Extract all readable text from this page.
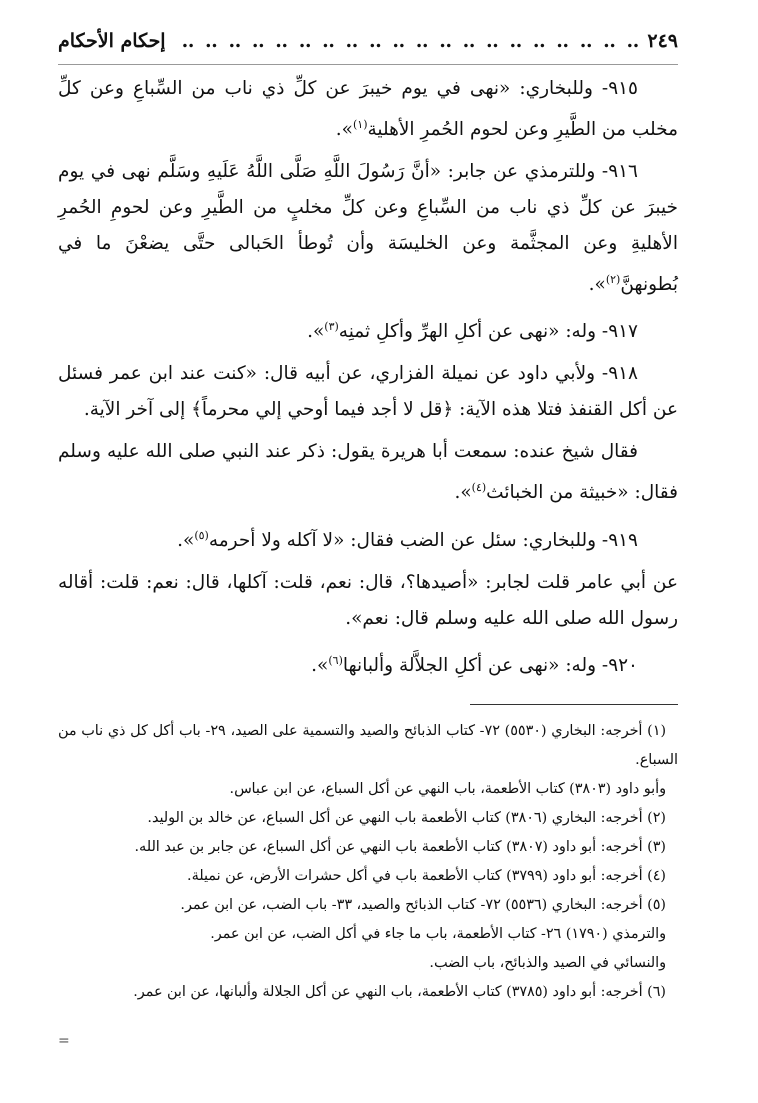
٢٤٩
‥ ‥ ‥ ‥ ‥ ‥ ‥ ‥ ‥ ‥ ‥ ‥ ‥ ‥ ‥ ‥ ‥ ‥ ‥ ‥
إحكام الأحكام

٩١٥- وللبخاري: «نهى في يوم خيبرَ عن كلِّ ذي ناب من السِّباعِ وعن كلِّ مخلب من الطَّيرِ وعن لحوم الحُمرِ الأهلية$^{(١)}$».

٩١٦- وللترمذي عن جابر: «أنَّ رَسُولَ اللَّهِ صَلَّى اللَّهُ عَلَيهِ وسَلَّم نهى في يوم خيبرَ عن كلِّ ذي ناب من السِّباعِ وعن كلِّ مخلبٍ من الطَّيرِ وعن لحومِ الحُمرِ الأهليةِ وعن المجثَّمة وعن الخليسَة وأن تُوطأ الحَبالى حتَّى يضعْنَ ما في بُطونهنَّ$^{(٢)}$».

٩١٧- وله: «نهى عن أكلِ الهرِّ وأكلِ ثمنِه$^{(٣)}$».

٩١٨- ولأبي داود عن نميلة الفزاري، عن أبيه قال: «كنت عند ابن عمر فسئل عن أكل القنفذ فتلا هذه الآية: ﴿قل لا أجد فيما أوحي إلي محرماً﴾ إلى آخر الآية.

فقال شيخ عنده: سمعت أبا هريرة يقول: ذكر عند النبي صلى الله عليه وسلم فقال: «خبيثة من الخبائث$^{(٤)}$».

٩١٩- وللبخاري: سئل عن الضب فقال: «لا آكله ولا أحرمه$^{(٥)}$».

عن أبي عامر قلت لجابر: «أصيدها؟، قال: نعم، قلت: آكلها، قال: نعم: قلت: أقاله رسول الله صلى الله عليه وسلم قال: نعم».

٩٢٠- وله: «نهى عن أكلِ الجلاَّلة وألبانها$^{(٦)}$».

(١) أخرجه: البخاري (٥٥٣٠) ٧٢- كتاب الذبائح والصيد والتسمية على الصيد، ٢٩- باب أكل كل ذي ناب من السباع.

وأبو داود (٣٨٠٣) كتاب الأطعمة، باب النهي عن أكل السباع، عن ابن عباس.

(٢) أخرجه: البخاري (٣٨٠٦) كتاب الأطعمة باب النهي عن أكل السباع، عن خالد بن الوليد.

(٣) أخرجه: أبو داود (٣٨٠٧) كتاب الأطعمة باب النهي عن أكل السباع، عن جابر بن عبد الله.

(٤) أخرجه: أبو داود (٣٧٩٩) كتاب الأطعمة باب في أكل حشرات الأرض، عن نميلة.

(٥) أخرجه: البخاري (٥٥٣٦) ٧٢- كتاب الذبائح والصيد، ٣٣- باب الضب، عن ابن عمر.

والترمذي (١٧٩٠) ٢٦- كتاب الأطعمة، باب ما جاء في أكل الضب، عن ابن عمر.

والنسائي في الصيد والذبائح، باب الضب.

(٦) أخرجه: أبو داود (٣٧٨٥) كتاب الأطعمة، باب النهي عن أكل الجلالة وألبانها، عن ابن عمر.

=
